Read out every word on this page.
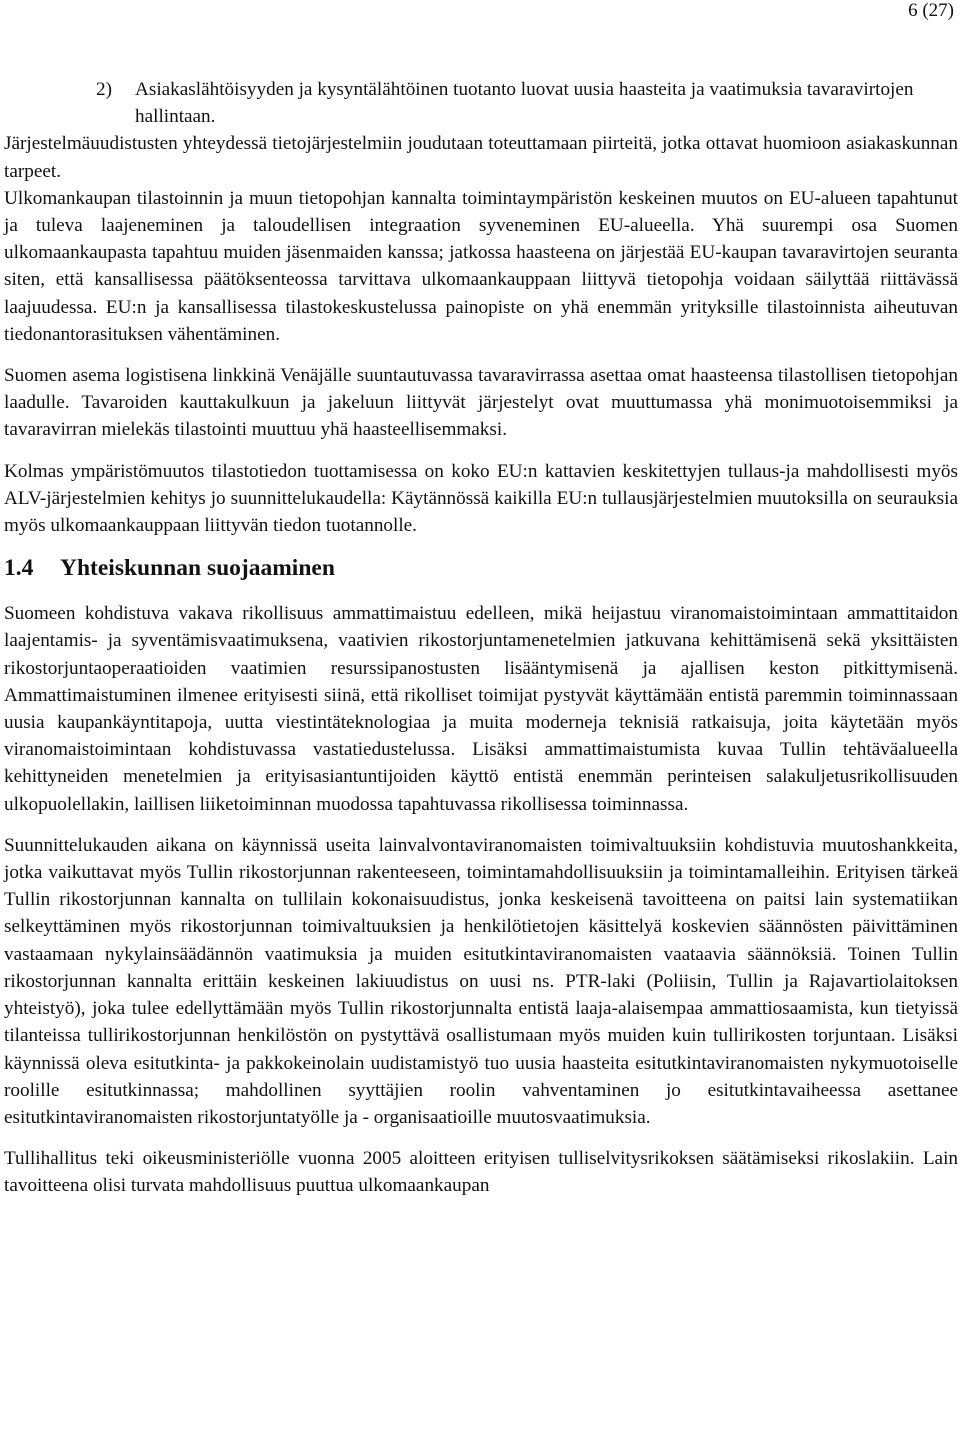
6 (27)
2)	Asiakaslähtöisyyden ja kysyntälähtöinen tuotanto luovat uusia haasteita ja vaatimuksia tavaravirtojen hallintaan.

Järjestelmäuudistusten yhteydessä tietojärjestelmiin joudutaan toteuttamaan piirteitä, jotka ottavat huomioon asiakaskunnan tarpeet.

Ulkomankaupan tilastoinnin ja muun tietopohjan kannalta toimintaympäristön keskeinen muutos on EU-alueen tapahtunut ja tuleva laajeneminen ja taloudellisen integraation syveneminen EU-alueella. Yhä suurempi osa Suomen ulkomaankaupasta tapahtuu muiden jäsenmaiden kanssa; jatkossa haasteena on järjestää EU-kaupan tavaravirtojen seuranta siten, että kansallisessa päätöksenteossa tarvittava ulkomaankauppaan liittyvä tietopohja voidaan säilyttää riittävässä laajuudessa. EU:n ja kansallisessa tilastokeskustelussa painopiste on yhä enemmän yrityksille tilastoinnista aiheutuvan tiedonantorasituksen vähentäminen.

Suomen asema logistisena linkkinä Venäjälle suuntautuvassa tavaravirrassa asettaa omat haasteensa tilastollisen tietopohjan laadulle. Tavaroiden kauttakulkuun ja jakeluun liittyvät järjestelyt ovat muuttumassa yhä monimuotoisemmiksi ja tavaravirran mielekäs tilastointi muuttuu yhä haasteellisemmaksi.

Kolmas ympäristömuutos tilastotiedon tuottamisessa on koko EU:n kattavien keskitettyjen tullaus-ja mahdollisesti myös ALV-järjestelmien kehitys jo suunnittelukaudella: Käytännössä kaikilla EU:n tullausjärjestelmien muutoksilla on seurauksia myös ulkomaankauppaan liittyvän tiedon tuotannolle.

1.4	Yhteiskunnan suojaaminen

Suomeen kohdistuva vakava rikollisuus ammattimaistuu edelleen, mikä heijastuu viranomaistoimintaan ammattitaidon laajentamis- ja syventämisvaatimuksena, vaativien rikostorjuntamenetelmien jatkuvana kehittämisenä sekä yksittäisten rikostorjuntaoperaatioiden vaatimien resurssipanostusten lisääntymisenä ja ajallisen keston pitkittymisenä. Ammattimaistuminen ilmenee erityisesti siinä, että rikolliset toimijat pystyvät käyttämään entistä paremmin toiminnassaan uusia kaupankäyntitapoja, uutta viestintäteknologiaa ja muita moderneja teknisiä ratkaisuja, joita käytetään myös viranomaistoimintaan kohdistuvassa vastatiedustelussa. Lisäksi ammattimaistumista kuvaa Tullin tehtäväalueella kehittyneiden menetelmien ja erityisasiantuntijoiden käyttö entistä enemmän perinteisen salakuljetusrikollisuuden ulkopuolellakin, laillisen liiketoiminnan muodossa tapahtuvassa rikollisessa toiminnassa.

Suunnittelukauden aikana on käynnissä useita lainvalvontaviranomaisten toimivaltuuksiin kohdistuvia muutoshankkeita, jotka vaikuttavat myös Tullin rikostorjunnan rakenteeseen, toimintamahdollisuuksiin ja toimintamalleihin. Erityisen tärkeä Tullin rikostorjunnan kannalta on tullilain kokonaisuudistus, jonka keskeisenä tavoitteena on paitsi lain systematiikan selkeyttäminen myös rikostorjunnan toimivaltuuksien ja henkilötietojen käsittelyä koskevien säännösten päivittäminen vastaamaan nykylainsäädännön vaatimuksia ja muiden esitutkintaviranomaisten vaataavia säännöksiä. Toinen Tullin rikostorjunnan kannalta erittäin keskeinen lakiuudistus on uusi ns. PTR-laki (Poliisin, Tullin ja Rajavartiolaitoksen yhteistyö), joka tulee edellyttämään myös Tullin rikostorjunnalta entistä laaja-alaisempaa ammattiosaamista, kun tietyissä tilanteissa tullirikostorjunnan henkilöstön on pystyttävä osallistumaan myös muiden kuin tullirikosten torjuntaan. Lisäksi käynnissä oleva esitutkinta- ja pakkokeinolain uudistamistyö tuo uusia haasteita esitutkintaviranomaisten nykymuotoiselle roolille esitutkinnassa; mahdollinen syyttäjien roolin vahventaminen jo esitutkintavaiheessa asettanee esitutkintaviranomaisten rikostorjuntatyölle ja - organisaatioille muutosvaatimuksia.

Tullihallitus teki oikeusministeriölle vuonna 2005 aloitteen erityisen tulliselvitysrikoksen säätämiseksi rikoslakiin. Lain tavoitteena olisi turvata mahdollisuus puuttua ulkomaankaupan
